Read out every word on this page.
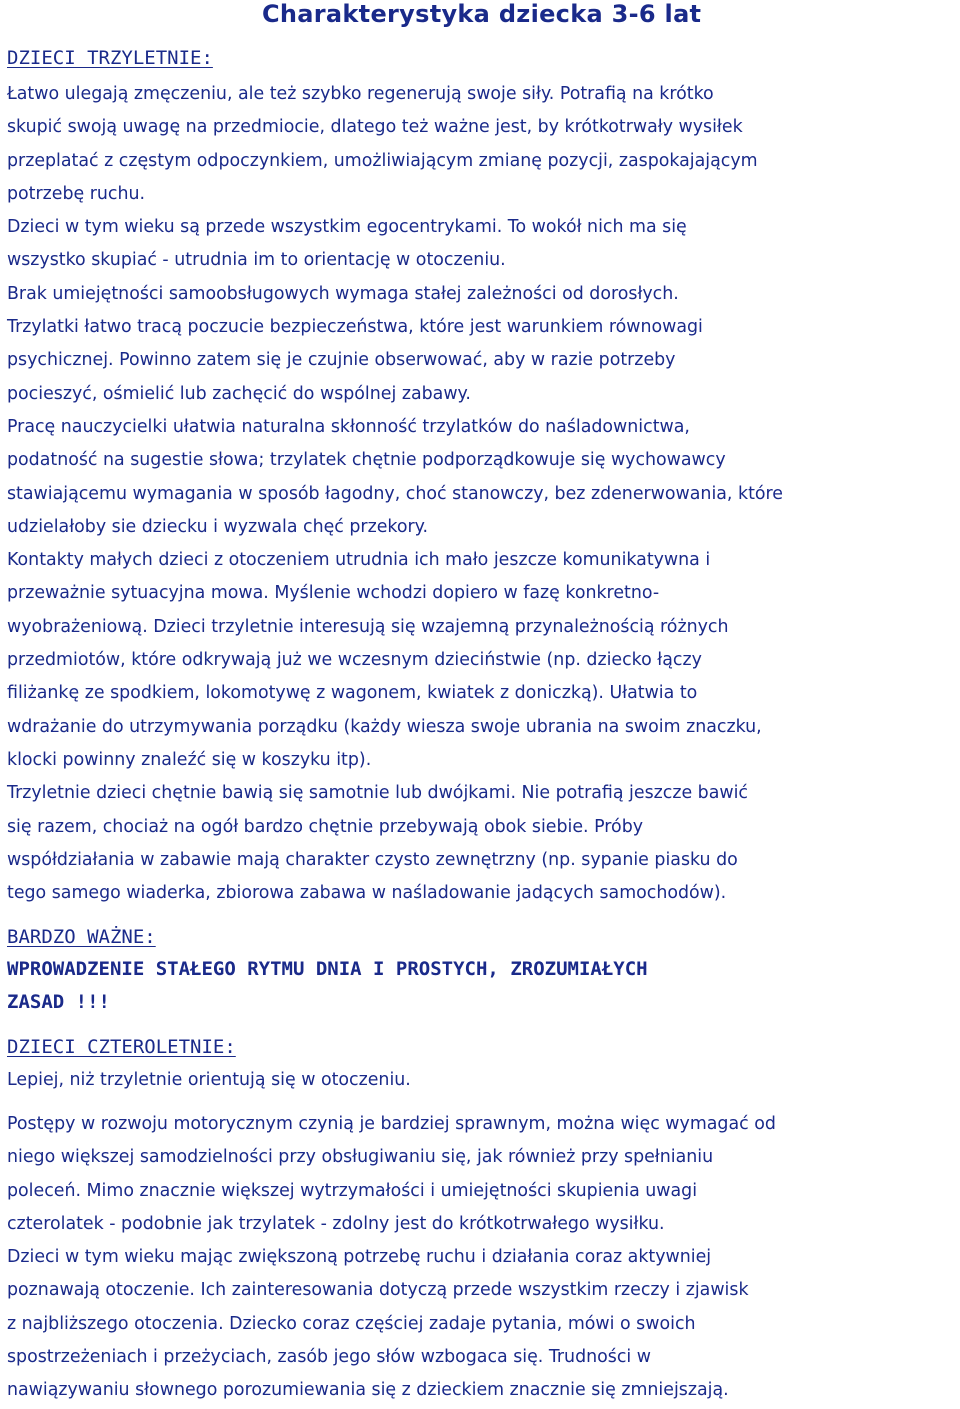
Charakterystyka dziecka 3-6 lat
DZIECI TRZYLETNIE:
Łatwo ulegają zmęczeniu, ale też szybko regenerują swoje siły. Potrafią na krótko
skupić swoją uwagę na przedmiocie, dlatego też ważne jest, by krótkotrwały wysiłek
przeplatać z częstym odpoczynkiem, umożliwiającym zmianę pozycji, zaspokajającym
potrzebę ruchu.
Dzieci w tym wieku są przede wszystkim egocentrykami. To wokół nich ma się
wszystko skupiać - utrudnia im to orientację w otoczeniu.
Brak umiejętności samoobsługowych wymaga stałej zależności od dorosłych.
Trzylatki łatwo tracą poczucie bezpieczeństwa, które jest warunkiem równowagi
psychicznej. Powinno zatem się je czujnie obserwować, aby w razie potrzeby
pocieszyć, ośmielić lub zachęcić do wspólnej zabawy.
Pracę nauczycielki ułatwia naturalna skłonność trzylatków do naśladownictwa,
podatność na sugestie słowa; trzylatek chętnie podporządkowuje się wychowawcy
stawiającemu wymagania w sposób łagodny, choć stanowczy, bez zdenerwowania, które
udzielałoby sie dziecku i wyzwala chęć przekory.
Kontakty małych dzieci z otoczeniem utrudnia ich mało jeszcze komunikatywna i
przeważnie sytuacyjna mowa. Myślenie wchodzi dopiero w fazę konkretno-
wyobrażeniową. Dzieci trzyletnie interesują się wzajemną przynależnością różnych
przedmiotów, które odkrywają już we wczesnym dzieciństwie (np. dziecko łączy
filiżankę ze spodkiem, lokomotywę z wagonem, kwiatek z doniczką). Ułatwia to
wdrażanie do utrzymywania porządku (każdy wiesza swoje ubrania na swoim znaczku,
klocki powinny znaleźć się w koszyku itp).
Trzyletnie dzieci chętnie bawią się samotnie lub dwójkami. Nie potrafią jeszcze bawić
się razem, chociaż na ogół bardzo chętnie przebywają obok siebie. Próby
współdziałania w zabawie mają charakter czysto zewnętrzny (np. sypanie piasku do
tego samego wiaderka, zbiorowa zabawa w naśladowanie jadących samochodów).
BARDZO WAŻNE:
WPROWADZENIE STAŁEGO RYTMU DNIA I PROSTYCH, ZROZUMIAŁYCH
ZASAD !!!
DZIECI CZTEROLETNIE:
Lepiej, niż trzyletnie orientują się w otoczeniu.
Postępy w rozwoju motorycznym czynią je bardziej sprawnym, można więc wymagać od
niego większej samodzielności przy obsługiwaniu się, jak również przy spełnianiu
poleceń. Mimo znacznie większej wytrzymałości i umiejętności skupienia uwagi
czterolatek - podobnie jak trzylatek - zdolny jest do krótkotrwałego wysiłku.
Dzieci w tym wieku mając zwiększoną potrzebę ruchu i działania coraz aktywniej
poznawają otoczenie. Ich zainteresowania dotyczą przede wszystkim rzeczy i zjawisk
z najbliższego otoczenia. Dziecko coraz częściej zadaje pytania, mówi o swoich
spostrzeżeniach i przeżyciach, zasób jego słów wzbogaca się. Trudności w
nawiązywaniu słownego porozumiewania się z dzieckiem znacznie się zmniejszają.
